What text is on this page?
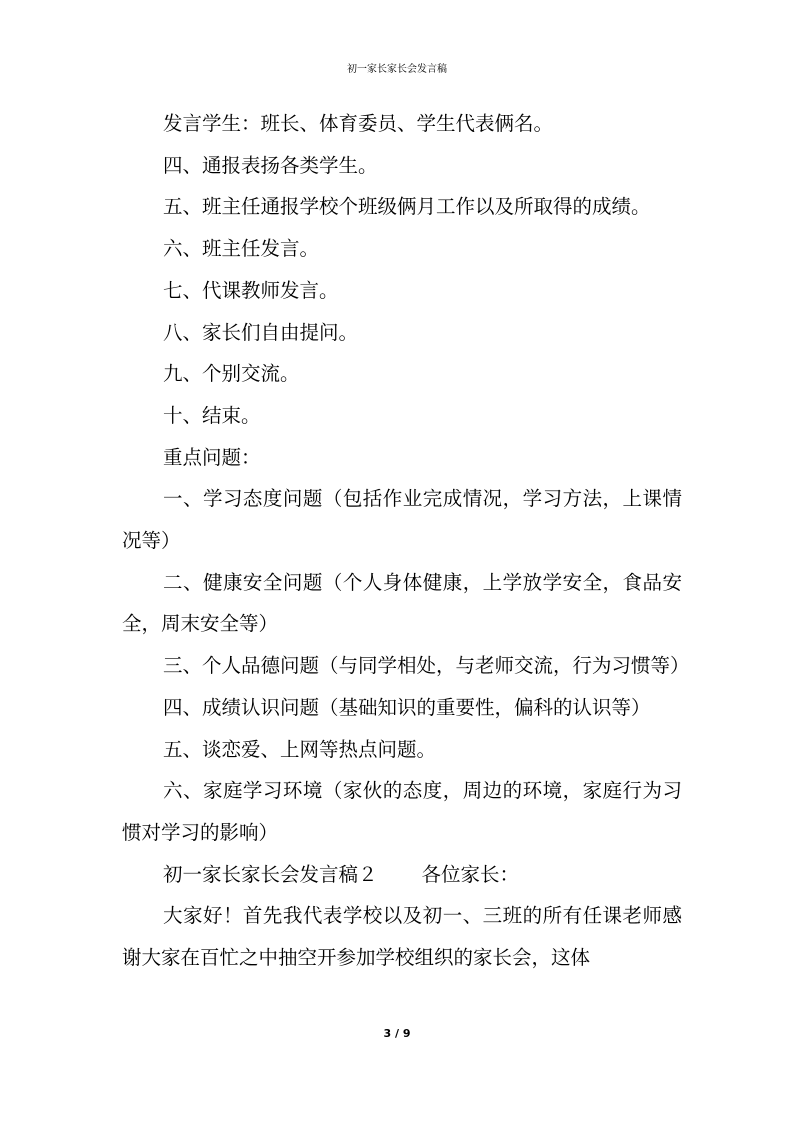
初一家长家长会发言稿

发言学生：班长、体育委员、学生代表俩名。

四、通报表扬各类学生。

五、班主任通报学校个班级俩月工作以及所取得的成绩。

六、班主任发言。

七、代课教师发言。

八、家长们自由提问。

九、个别交流。

十、结束。

重点问题：

一、学习态度问题（包括作业完成情况，学习方法，上课情况等）

二、健康安全问题（个人身体健康，上学放学安全，食品安全，周末安全等）

三、个人品德问题（与同学相处，与老师交流，行为习惯等）

四、成绩认识问题（基础知识的重要性，偏科的认识等）

五、谈恋爱、上网等热点问题。

六、家庭学习环境（家伙的态度，周边的环境，家庭行为习惯对学习的影响）

初一家长家长会发言稿２ 各位家长：

大家好！首先我代表学校以及初一、三班的所有任课老师感谢大家在百忙之中抽空开参加学校组织的家长会，这体

3 / 9
